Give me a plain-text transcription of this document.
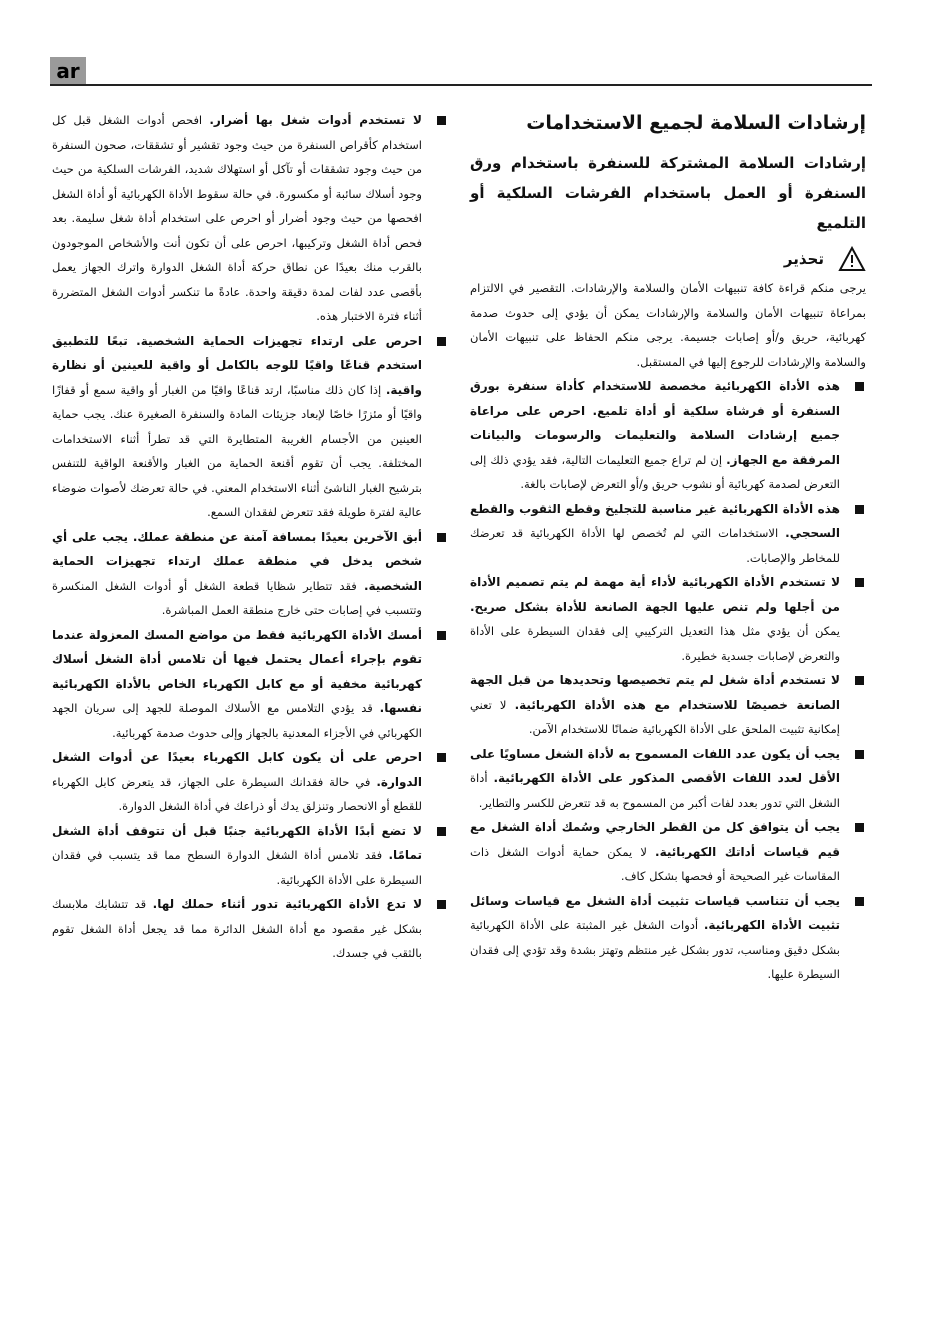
ar
إرشادات السلامة لجميع الاستخدامات
إرشادات السلامة المشتركة للسنفرة باستخدام ورق السنفرة أو العمل باستخدام الفرشات السلكية أو التلميع
تحذير

يرجى منكم قراءة كافة تنبيهات الأمان والسلامة والإرشادات. التقصير في الالتزام بمراعاة تنبيهات الأمان والسلامة والإرشادات يمكن أن يؤدي إلى حدوث صدمة كهربائية، حريق و/أو إصابات جسيمة. يرجى منكم الحفاظ على تنبيهات الأمان والسلامة والإرشادات للرجوع إليها في المستقبل.

هذه الأداة الكهربائية مخصصة للاستخدام كأداة سنفرة بورق السنفرة أو فرشاة سلكية أو أداة تلميع. احرص على مراعاة جميع إرشادات السلامة والتعليمات والرسومات والبيانات المرفقة مع الجهاز. إن لم تراع جميع التعليمات التالية، فقد يؤدي ذلك إلى التعرض لصدمة كهربائية أو نشوب حريق و/أو التعرض لإصابات بالغة.

هذه الأداة الكهربائية غير مناسبة للتجليخ وقطع الثقوب والقطع السحجي. الاستخدامات التي لم تُخصص لها الأداة الكهربائية قد تعرضك للمخاطر والإصابات.

لا تستخدم الأداة الكهربائية لأداء أية مهمة لم يتم تصميم الأداة من أجلها ولم تنص عليها الجهة الصانعة للأداة بشكل صريح. يمكن أن يؤدي مثل هذا التعديل التركيبي إلى فقدان السيطرة على الأداة والتعرض لإصابات جسدية خطيرة.

لا تستخدم أداة شغل لم يتم تخصيصها وتحديدها من قبل الجهة الصانعة خصيصًا للاستخدام مع هذه الأداة الكهربائية. لا تعني إمكانية تثبيت الملحق على الأداة الكهربائية ضمانًا للاستخدام الآمن.

يجب أن يكون عدد اللفات المسموح به لأداة الشغل مساويًا على الأقل لعدد اللفات الأقصى المذكور على الأداة الكهربائية. أداة الشغل التي تدور بعدد لفات أكبر من المسموح به قد تتعرض للكسر والتطاير.

يجب أن يتوافق كل من القطر الخارجي وسُمك أداة الشغل مع قيم قياسات أداتك الكهربائية. لا يمكن حماية أدوات الشغل ذات المقاسات غير الصحيحة أو فحصها بشكل كاف.

يجب أن تتناسب قياسات تثبيت أداة الشغل مع قياسات وسائل تثبيت الأداة الكهربائية. أدوات الشغل غير المثبتة على الأداة الكهربائية بشكل دقيق ومناسب، تدور بشكل غير منتظم وتهتز بشدة وقد تؤدي إلى فقدان السيطرة عليها.

لا تستخدم أدوات شغل بها أضرار. افحص أدوات الشغل قبل كل استخدام كأقراص السنفرة من حيث وجود تقشير أو تشققات، صحون السنفرة من حيث وجود تشققات أو تآكل أو استهلاك شديد، الفرشات السلكية من حيث وجود أسلاك سائبة أو مكسورة. في حالة سقوط الأداة الكهربائية أو أداة الشغل افحصها من حيث وجود أضرار أو احرص على استخدام أداة شغل سليمة. بعد فحص أداة الشغل وتركيبها، احرص على أن تكون أنت والأشخاص الموجودون بالقرب منك بعيدًا عن نطاق حركة أداة الشغل الدوارة واترك الجهاز يعمل بأقصى عدد لفات لمدة دقيقة واحدة. عادةً ما تنكسر أدوات الشغل المتضررة أثناء فترة الاختبار هذه.

احرص على ارتداء تجهيزات الحماية الشخصية. تبعًا للتطبيق استخدم قناعًا واقيًا للوجه بالكامل أو واقية للعينين أو نظارة واقية. إذا كان ذلك مناسبًا، ارتد قناعًا واقيًا من الغبار أو واقية سمع أو قفازًا واقيًا أو مئزرًا خاصًا لإبعاد جزيئات المادة والسنفرة الصغيرة عنك. يجب حماية العينين من الأجسام الغريبة المتطايرة التي قد تطرأ أثناء الاستخدامات المختلفة. يجب أن تقوم أقنعة الحماية من الغبار والأقنعة الواقية للتنفس بترشيح الغبار الناشئ أثناء الاستخدام المعني. في حالة تعرضك لأصوات ضوضاء عالية لفترة طويلة فقد تتعرض لفقدان السمع.

أبق الآخرين بعيدًا بمسافة آمنة عن منطقة عملك. يجب على أي شخص يدخل في منطقة عملك ارتداء تجهيزات الحماية الشخصية. فقد تتطاير شظايا قطعة الشغل أو أدوات الشغل المنكسرة وتتسبب في إصابات حتى خارج منطقة العمل المباشرة.

أمسك الأداة الكهربائية فقط من مواضع المسك المعزولة عندما تقوم بإجراء أعمال يحتمل فيها أن تلامس أداة الشغل أسلاك كهربائية مخفية أو مع كابل الكهرباء الخاص بالأداة الكهربائية نفسها. قد يؤدي التلامس مع الأسلاك الموصلة للجهد إلى سريان الجهد الكهربائي في الأجزاء المعدنية بالجهاز وإلى حدوث صدمة كهربائية.

احرص على أن يكون كابل الكهرباء بعيدًا عن أدوات الشغل الدوارة. في حالة فقدانك السيطرة على الجهاز، قد يتعرض كابل الكهرباء للقطع أو الانحصار وتنزلق يدك أو ذراعك في أداة الشغل الدوارة.

لا تضع أبدًا الأداة الكهربائية جنبًا قبل أن تتوقف أداة الشغل تمامًا. فقد تلامس أداة الشغل الدوارة السطح مما قد يتسبب في فقدان السيطرة على الأداة الكهربائية.

لا تدع الأداة الكهربائية تدور أثناء حملك لها. قد تتشابك ملابسك بشكل غير مقصود مع أداة الشغل الدائرة مما قد يجعل أداة الشغل تقوم بالثقب في جسدك.
